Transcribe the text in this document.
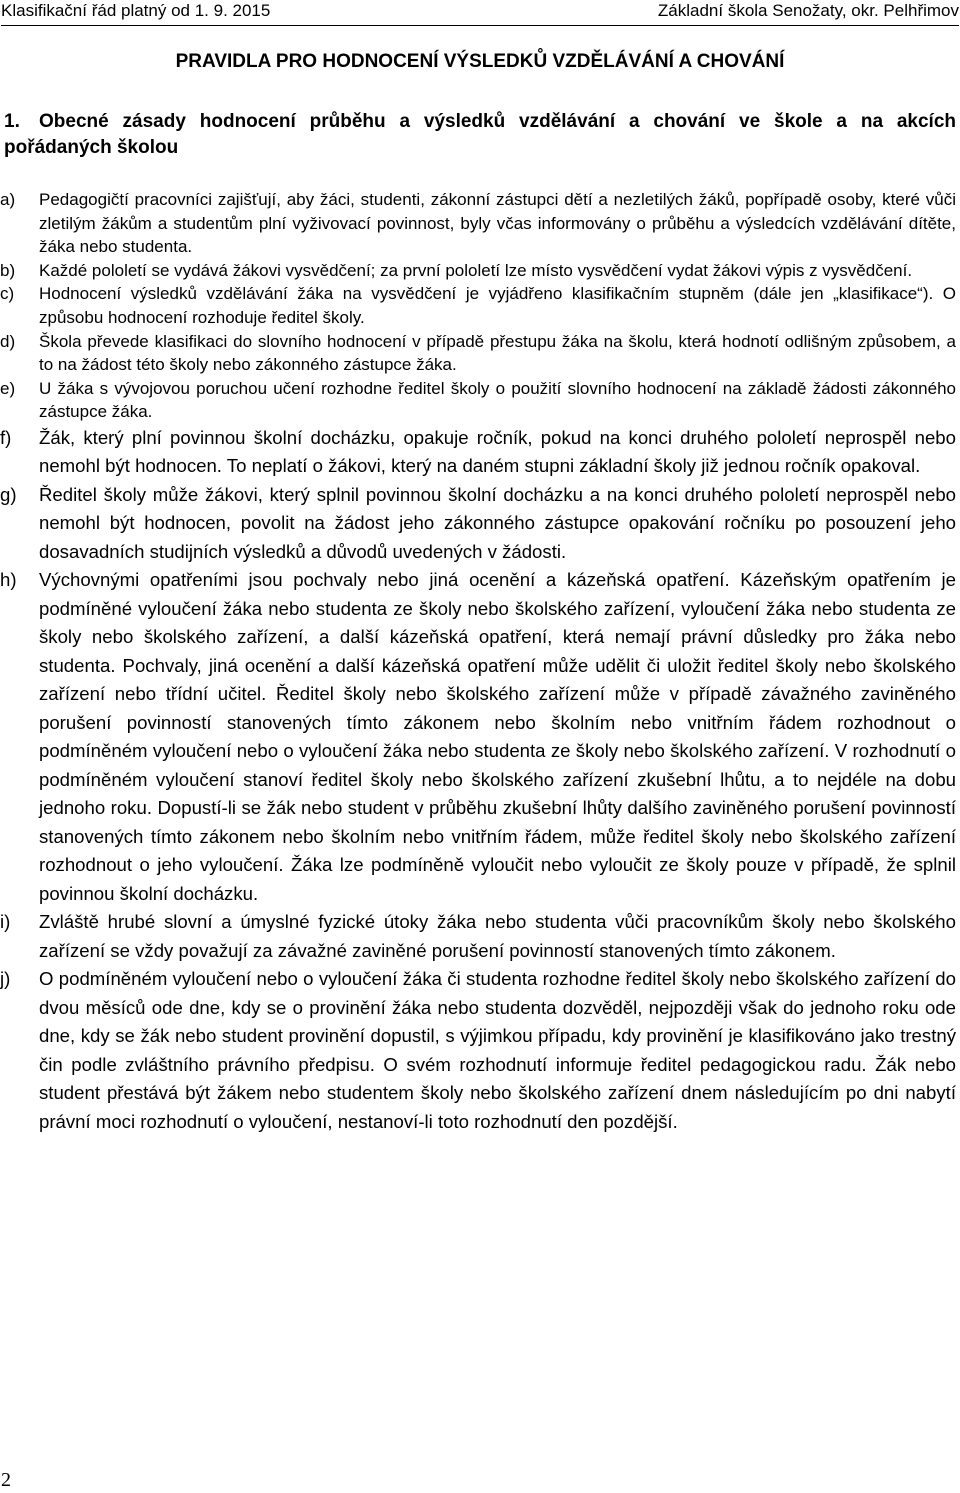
Klasifikační řád platný od 1. 9. 2015	Základní škola Senožaty, okr. Pelhřimov
PRAVIDLA PRO HODNOCENÍ VÝSLEDKŮ VZDĚLÁVÁNÍ A CHOVÁNÍ
1. Obecné zásady hodnocení průběhu a výsledků vzdělávání a chování ve škole a na akcích pořádaných školou
a)	Pedagogičtí pracovníci zajišťují, aby žáci, studenti, zákonní zástupci dětí a nezletilých žáků, popřípadě osoby, které vůči zletilým žákům a studentům plní vyživovací povinnost, byly včas informovány o průběhu a výsledcích vzdělávání dítěte, žáka nebo studenta.
b)	Každé pololetí se vydává žákovi vysvědčení; za první pololetí lze místo vysvědčení vydat žákovi výpis z vysvědčení.
c)	Hodnocení výsledků vzdělávání žáka na vysvědčení je vyjádřeno klasifikačním stupněm (dále jen „klasifikace“). O způsobu hodnocení rozhoduje ředitel školy.
d)	Škola převede klasifikaci do slovního hodnocení v případě přestupu žáka na školu, která hodnotí odlišným způsobem, a to na žádost této školy nebo zákonného zástupce žáka.
e)	U žáka s vývojovou poruchou učení rozhodne ředitel školy o použití slovního hodnocení na základě žádosti zákonného zástupce žáka.
f)	Žák, který plní povinnou školní docházku, opakuje ročník, pokud na konci druhého pololetí neprospěl nebo nemohl být hodnocen. To neplatí o žákovi, který na daném stupni základní školy již jednou ročník opakoval.
g)	Ředitel školy může žákovi, který splnil povinnou školní docházku a na konci druhého pololetí neprospěl nebo nemohl být hodnocen, povolit na žádost jeho zákonného zástupce opakování ročníku po posouzení jeho dosavadních studijních výsledků a důvodů uvedených v žádosti.
h)	Výchovnými opatřeními jsou pochvaly nebo jiná ocenění a kázeňská opatření. Kázeňským opatřením je podmíněné vyloučení žáka nebo studenta ze školy nebo školského zařízení, vyloučení žáka nebo studenta ze školy nebo školského zařízení, a další kázeňská opatření, která nemají právní důsledky pro žáka nebo studenta. Pochvaly, jiná ocenění a další kázeňská opatření může udělit či uložit ředitel školy nebo školského zařízení nebo třídní učitel. Ředitel školy nebo školského zařízení může v případě závažného zaviněného porušení povinností stanovených tímto zákonem nebo školním nebo vnitřním řádem rozhodnout o podmíněném vyloučení nebo o vyloučení žáka nebo studenta ze školy nebo školského zařízení. V rozhodnutí o podmíněném vyloučení stanoví ředitel školy nebo školského zařízení zkušební lhůtu, a to nejdéle na dobu jednoho roku. Dopustí-li se žák nebo student v průběhu zkušební lhůty dalšího zaviněného porušení povinností stanovených tímto zákonem nebo školním nebo vnitřním řádem, může ředitel školy nebo školského zařízení rozhodnout o jeho vyloučení. Žáka lze podmíněně vyloučit nebo vyloučit ze školy pouze v případě, že splnil povinnou školní docházku.
i)	Zvláště hrubé slovní a úmyslné fyzické útoky žáka nebo studenta vůči pracovníkům školy nebo školského zařízení se vždy považují za závažné zaviněné porušení povinností stanovených tímto zákonem.
j)	O podmíněném vyloučení nebo o vyloučení žáka či studenta rozhodne ředitel školy nebo školského zařízení do dvou měsíců ode dne, kdy se o provinění žáka nebo studenta dozvěděl, nejpozději však do jednoho roku ode dne, kdy se žák nebo student provinění dopustil, s výjimkou případu, kdy provinění je klasifikováno jako trestný čin podle zvláštního právního předpisu. O svém rozhodnutí informuje ředitel pedagogickou radu. Žák nebo student přestává být žákem nebo studentem školy nebo školského zařízení dnem následujícím po dni nabytí právní moci rozhodnutí o vyloučení, nestanoví-li toto rozhodnutí den pozdější.
2
